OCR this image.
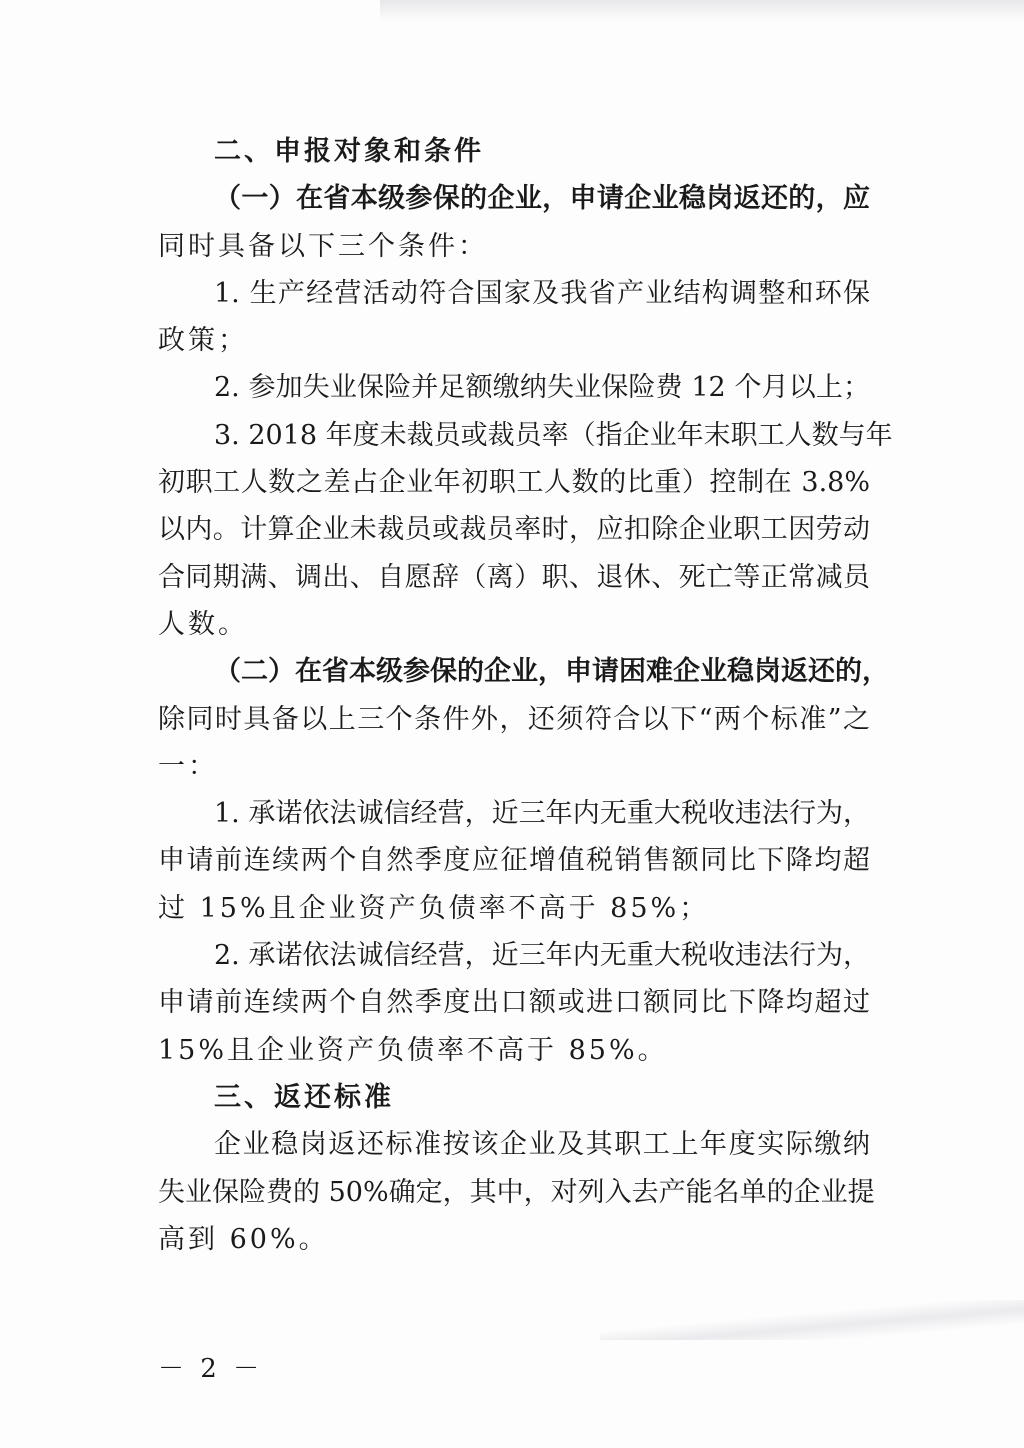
二、申报对象和条件
（一）在省本级参保的企业，申请企业稳岗返还的，应
同时具备以下三个条件：
1. 生产经营活动符合国家及我省产业结构调整和环保
政策；
2. 参加失业保险并足额缴纳失业保险费 12 个月以上；
3. 2018 年度未裁员或裁员率（指企业年末职工人数与年
初职工人数之差占企业年初职工人数的比重）控制在 3.8%
以内。计算企业未裁员或裁员率时，应扣除企业职工因劳动
合同期满、调出、自愿辞（离）职、退休、死亡等正常减员
人数。
（二）在省本级参保的企业，申请困难企业稳岗返还的，
除同时具备以上三个条件外，还须符合以下“两个标准”之
一：
1. 承诺依法诚信经营，近三年内无重大税收违法行为，
申请前连续两个自然季度应征增值税销售额同比下降均超
过 15%且企业资产负债率不高于 85%；
2. 承诺依法诚信经营，近三年内无重大税收违法行为，
申请前连续两个自然季度出口额或进口额同比下降均超过
15%且企业资产负债率不高于 85%。
三、返还标准
企业稳岗返还标准按该企业及其职工上年度实际缴纳
失业保险费的 50%确定，其中，对列入去产能名单的企业提
高到 60%。
－ 2 －
